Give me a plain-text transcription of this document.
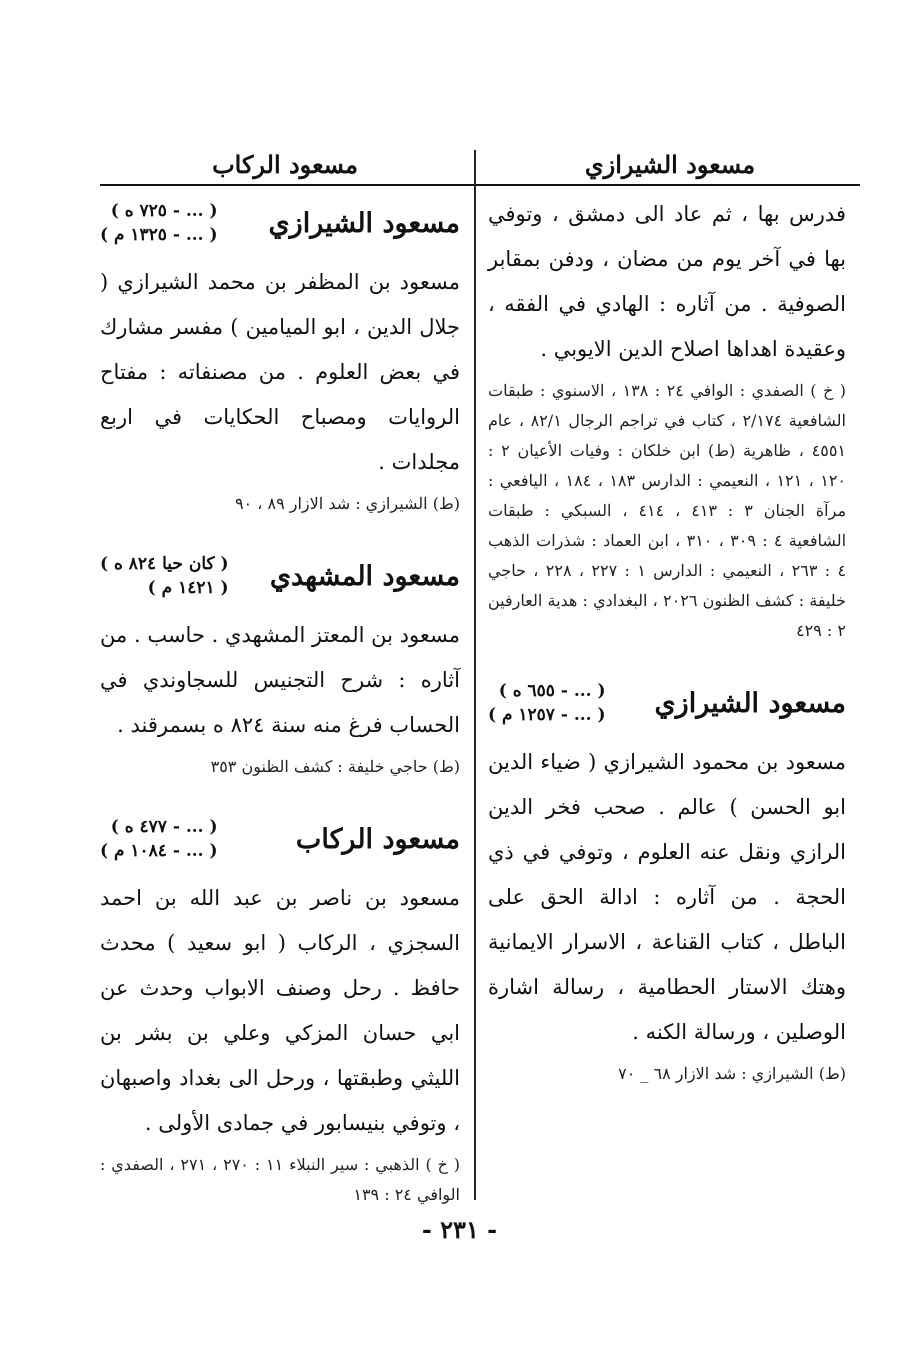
مسعود الشيرازي
مسعود الركاب

فدرس بها ، ثم عاد الى دمشق ، وتوفي بها في آخر يوم من مضان ، ودفن بمقابر الصوفية . من آثاره : الهادي في الفقه ، وعقيدة اهداها اصلاح الدين الايوبي .

( خ ) الصفدي : الوافي ٢٤ : ١٣٨ ، الاسنوي : طبقات الشافعية ٢/١٧٤ ، كتاب في تراجم الرجال ٨٢/١ ، عام ٤٥٥١ ، ظاهرية (ط) ابن خلكان : وفيات الأعيان ٢ : ١٢٠ ، ١٢١ ، النعيمي : الدارس ١٨٣ ، ١٨٤ ، اليافعي : مرآة الجنان ٣ : ٤١٣ ، ٤١٤ ، السبكي : طبقات الشافعية ٤ : ٣٠٩ ، ٣١٠ ، ابن العماد : شذرات الذهب ٤ : ٢٦٣ ، النعيمي : الدارس ١ : ٢٢٧ ، ٢٢٨ ، حاجي خليفة : كشف الظنون ٢٠٢٦ ، البغدادي : هدية العارفين ٢ : ٤٢٩

مسعود الشيرازي
( ... - ٦٥٥ ه )
( ... - ١٢٥٧ م )

مسعود بن محمود الشيرازي ( ضياء الدين ابو الحسن ) عالم . صحب فخر الدين الرازي ونقل عنه العلوم ، وتوفي في ذي الحجة . من آثاره : ادالة الحق على الباطل ، كتاب القناعة ، الاسرار الايمانية وهتك الاستار الحطامية ، رسالة اشارة الوصلين ، ورسالة الكنه .

(ط) الشيرازي : شد الازار ٦٨ _ ٧٠

مسعود الشيرازي
( ... - ٧٢٥ ه )
( ... - ١٣٢٥ م )

مسعود بن المظفر بن محمد الشيرازي ( جلال الدين ، ابو الميامين ) مفسر مشارك في بعض العلوم . من مصنفاته : مفتاح الروايات ومصباح الحكايات في اربع مجلدات .

(ط) الشيرازي : شد الازار ٨٩ ، ٩٠

مسعود المشهدي
( كان حيا ٨٢٤ ه )
( ١٤٢١ م )

مسعود بن المعتز المشهدي . حاسب . من آثاره : شرح التجنيس للسجاوندي في الحساب فرغ منه سنة ٨٢٤ ه بسمرقند .

(ط) حاجي خليفة : كشف الظنون ٣٥٣

مسعود الركاب
( ... - ٤٧٧ ه )
( ... - ١٠٨٤ م )

مسعود بن ناصر بن عبد الله بن احمد السجزي ، الركاب ( ابو سعيد ) محدث حافظ . رحل وصنف الابواب وحدث عن ابي حسان المزكي وعلي بن بشر بن الليثي وطبقتها ، ورحل الى بغداد واصبهان ، وتوفي بنيسابور في جمادى الأولى .

( خ ) الذهبي : سير النبلاء ١١ : ٢٧٠ ، ٢٧١ ، الصفدي : الوافي ٢٤ : ١٣٩

- ٢٣١ -
